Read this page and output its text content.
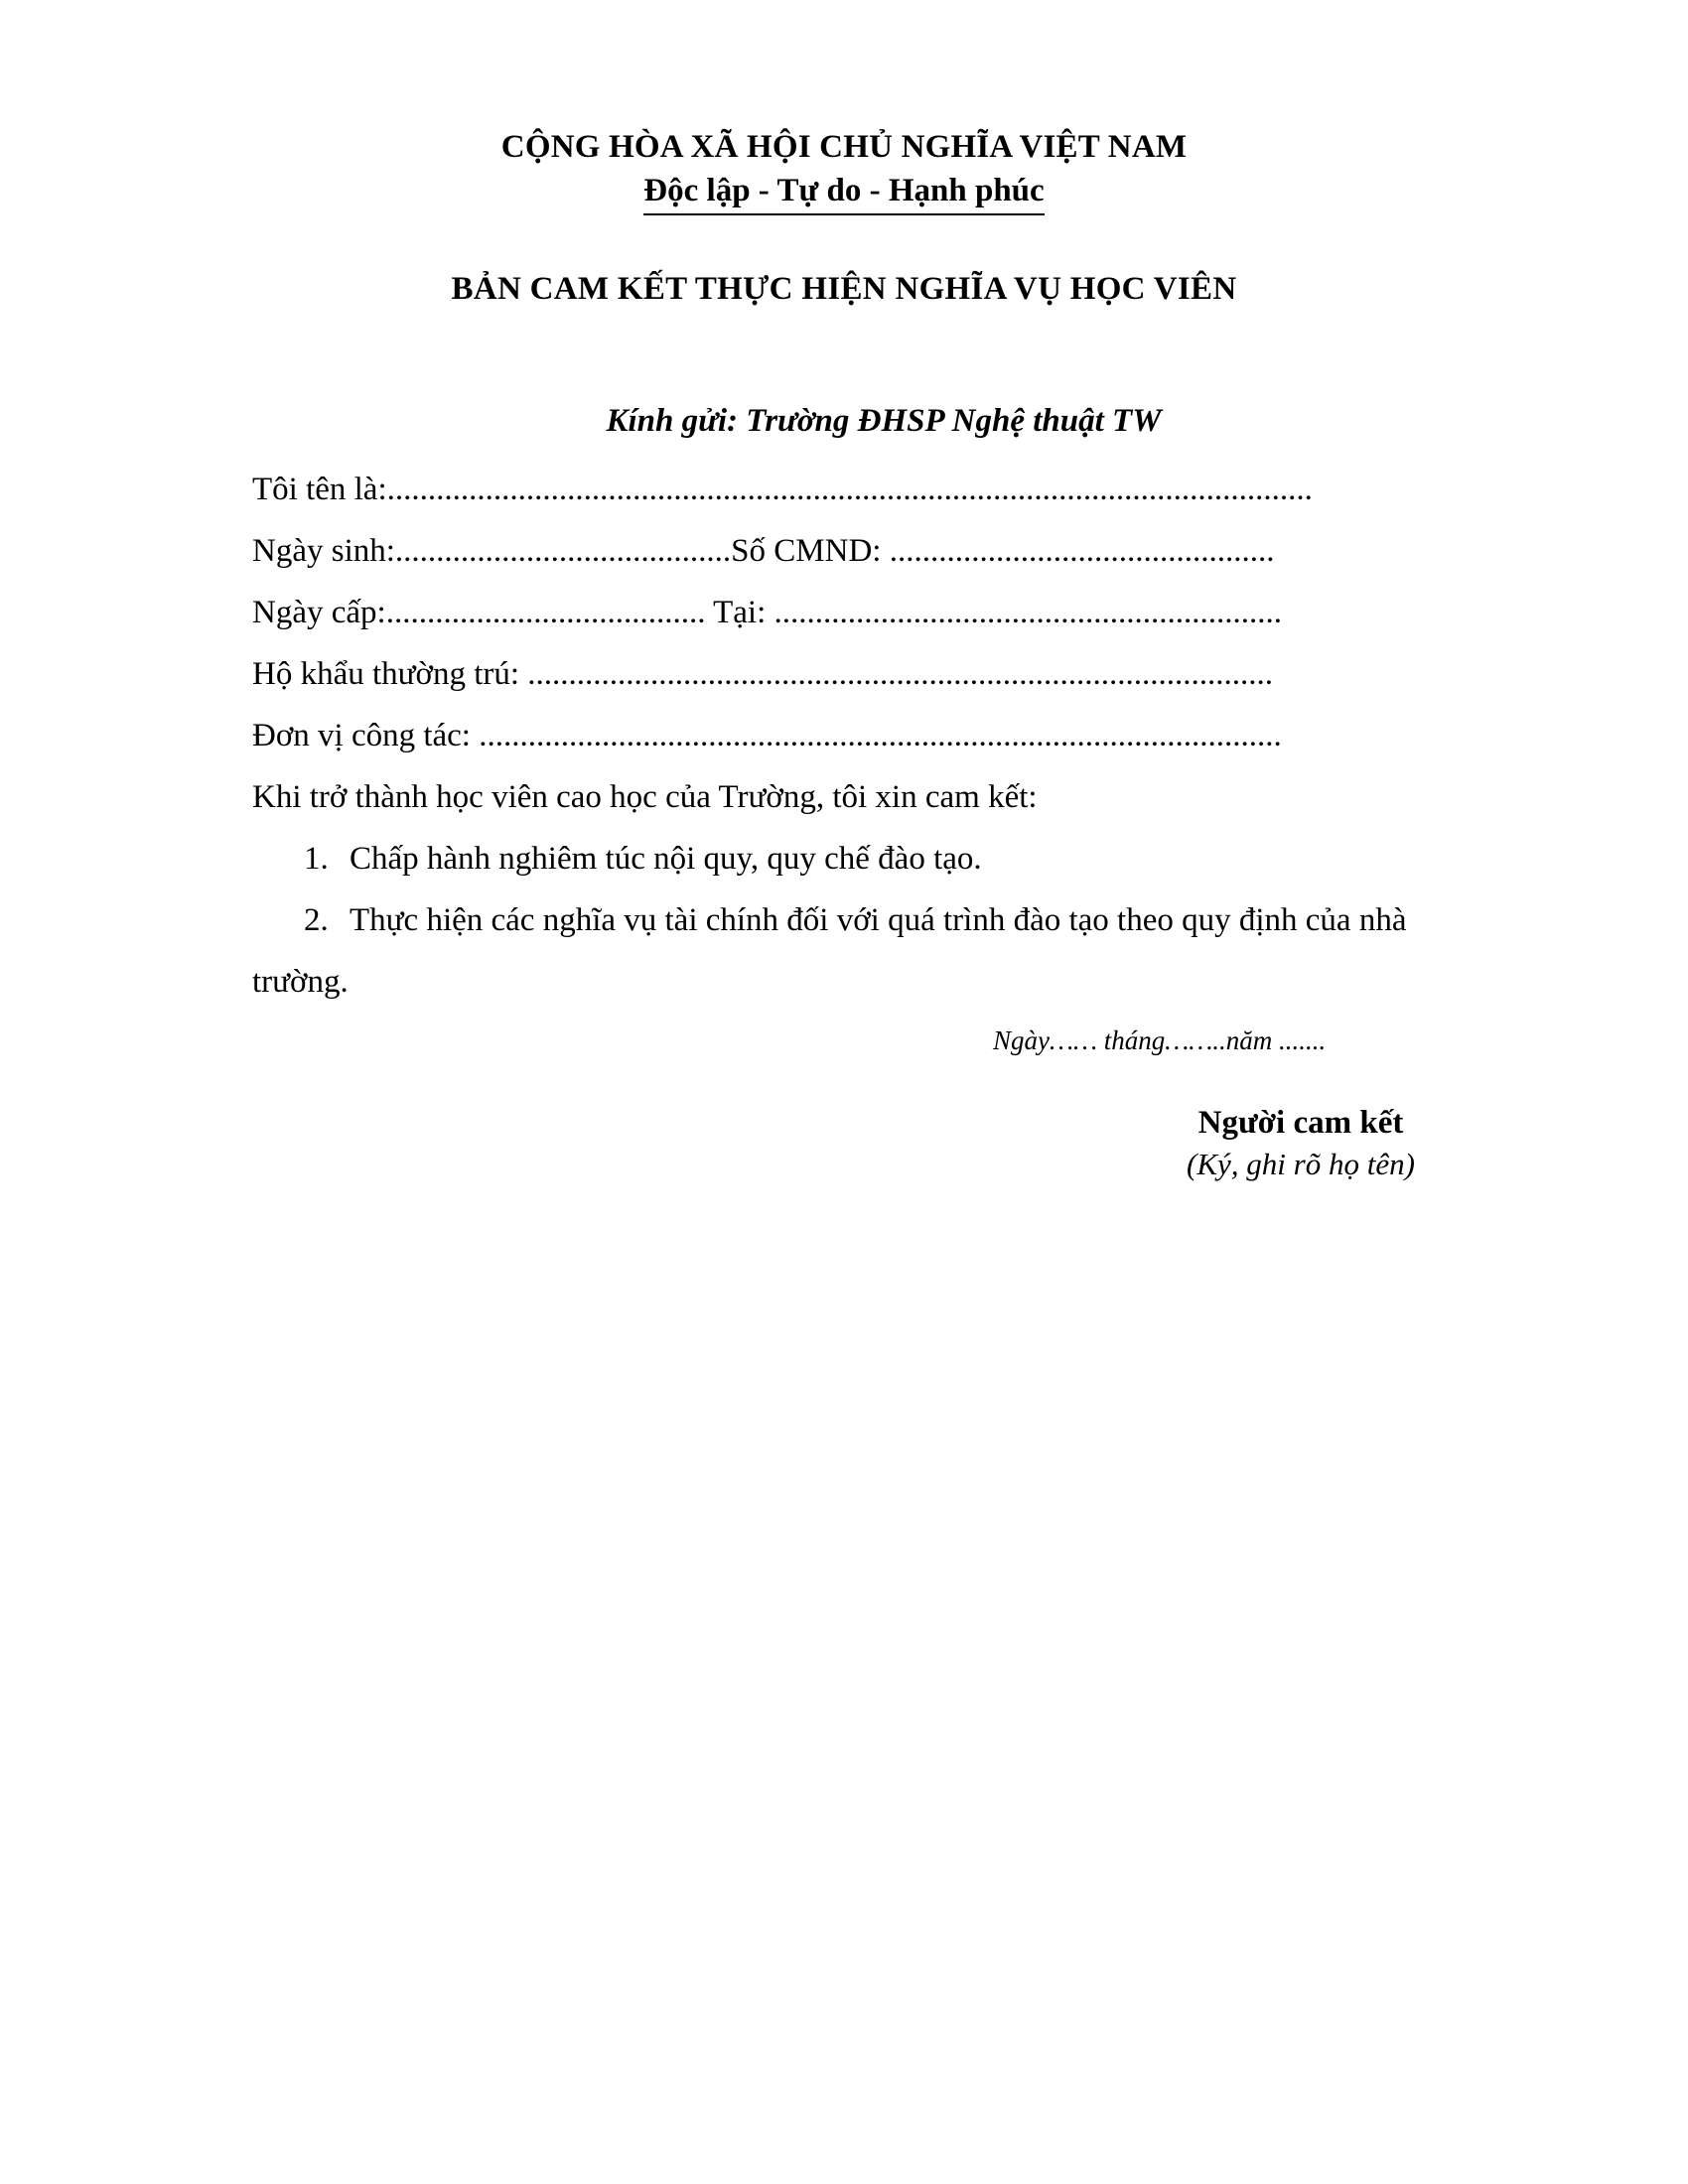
CỘNG HÒA XÃ HỘI CHỦ NGHĨA VIỆT NAM
Độc lập - Tự do - Hạnh phúc
BẢN CAM KẾT THỰC HIỆN NGHĨA VỤ HỌC VIÊN
Kính gửi: Trường ĐHSP Nghệ thuật TW
Tôi tên là:.................................................................................................................
Ngày sinh:.........................................Số CMND: ...............................................
Ngày cấp:....................................... Tại: ..............................................................
Hộ khẩu thường trú: ...........................................................................................
Đơn vị công tác: ..................................................................................................
Khi trở thành học viên cao học của Trường, tôi xin cam kết:
1. Chấp hành nghiêm túc nội quy, quy chế đào tạo.
2. Thực hiện các nghĩa vụ tài chính đối với quá trình đào tạo theo quy định của nhà
trường.
Ngày…… tháng……..năm .......
Người cam kết
(Ký, ghi rõ họ tên)
